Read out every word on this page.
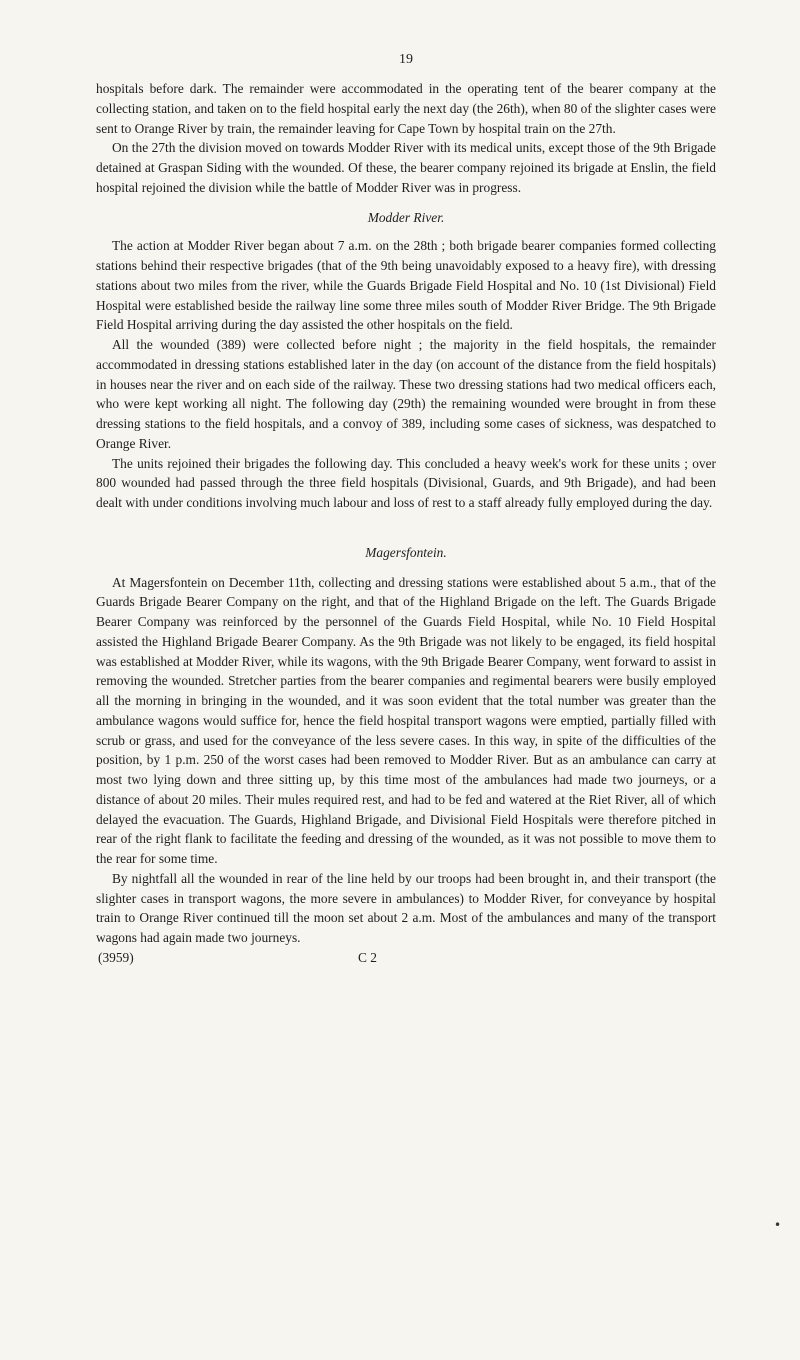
19

hospitals before dark. The remainder were accommodated in the operating tent of the bearer company at the collecting station, and taken on to the field hospital early the next day (the 26th), when 80 of the slighter cases were sent to Orange River by train, the remainder leaving for Cape Town by hospital train on the 27th.

On the 27th the division moved on towards Modder River with its medical units, except those of the 9th Brigade detained at Graspan Siding with the wounded. Of these, the bearer company rejoined its brigade at Enslin, the field hospital rejoined the division while the battle of Modder River was in progress.

Modder River.

The action at Modder River began about 7 a.m. on the 28th ; both brigade bearer companies formed collecting stations behind their respective brigades (that of the 9th being unavoidably exposed to a heavy fire), with dressing stations about two miles from the river, while the Guards Brigade Field Hospital and No. 10 (1st Divisional) Field Hospital were established beside the railway line some three miles south of Modder River Bridge. The 9th Brigade Field Hospital arriving during the day assisted the other hospitals on the field.

All the wounded (389) were collected before night ; the majority in the field hospitals, the remainder accommodated in dressing stations established later in the day (on account of the distance from the field hospitals) in houses near the river and on each side of the railway. These two dressing stations had two medical officers each, who were kept working all night. The following day (29th) the remaining wounded were brought in from these dressing stations to the field hospitals, and a convoy of 389, including some cases of sickness, was despatched to Orange River.

The units rejoined their brigades the following day. This concluded a heavy week's work for these units ; over 800 wounded had passed through the three field hospitals (Divisional, Guards, and 9th Brigade), and had been dealt with under conditions involving much labour and loss of rest to a staff already fully employed during the day.

Magersfontein.

At Magersfontein on December 11th, collecting and dressing stations were established about 5 a.m., that of the Guards Brigade Bearer Company on the right, and that of the Highland Brigade on the left. The Guards Brigade Bearer Company was reinforced by the personnel of the Guards Field Hospital, while No. 10 Field Hospital assisted the Highland Brigade Bearer Company. As the 9th Brigade was not likely to be engaged, its field hospital was established at Modder River, while its wagons, with the 9th Brigade Bearer Company, went forward to assist in removing the wounded. Stretcher parties from the bearer companies and regimental bearers were busily employed all the morning in bringing in the wounded, and it was soon evident that the total number was greater than the ambulance wagons would suffice for, hence the field hospital transport wagons were emptied, partially filled with scrub or grass, and used for the conveyance of the less severe cases. In this way, in spite of the difficulties of the position, by 1 p.m. 250 of the worst cases had been removed to Modder River. But as an ambulance can carry at most two lying down and three sitting up, by this time most of the ambulances had made two journeys, or a distance of about 20 miles. Their mules required rest, and had to be fed and watered at the Riet River, all of which delayed the evacuation. The Guards, Highland Brigade, and Divisional Field Hospitals were therefore pitched in rear of the right flank to facilitate the feeding and dressing of the wounded, as it was not possible to move them to the rear for some time.

By nightfall all the wounded in rear of the line held by our troops had been brought in, and their transport (the slighter cases in transport wagons, the more severe in ambulances) to Modder River, for conveyance by hospital train to Orange River continued till the moon set about 2 a.m. Most of the ambulances and many of the transport wagons had again made two journeys.

(3959)	C 2
•
